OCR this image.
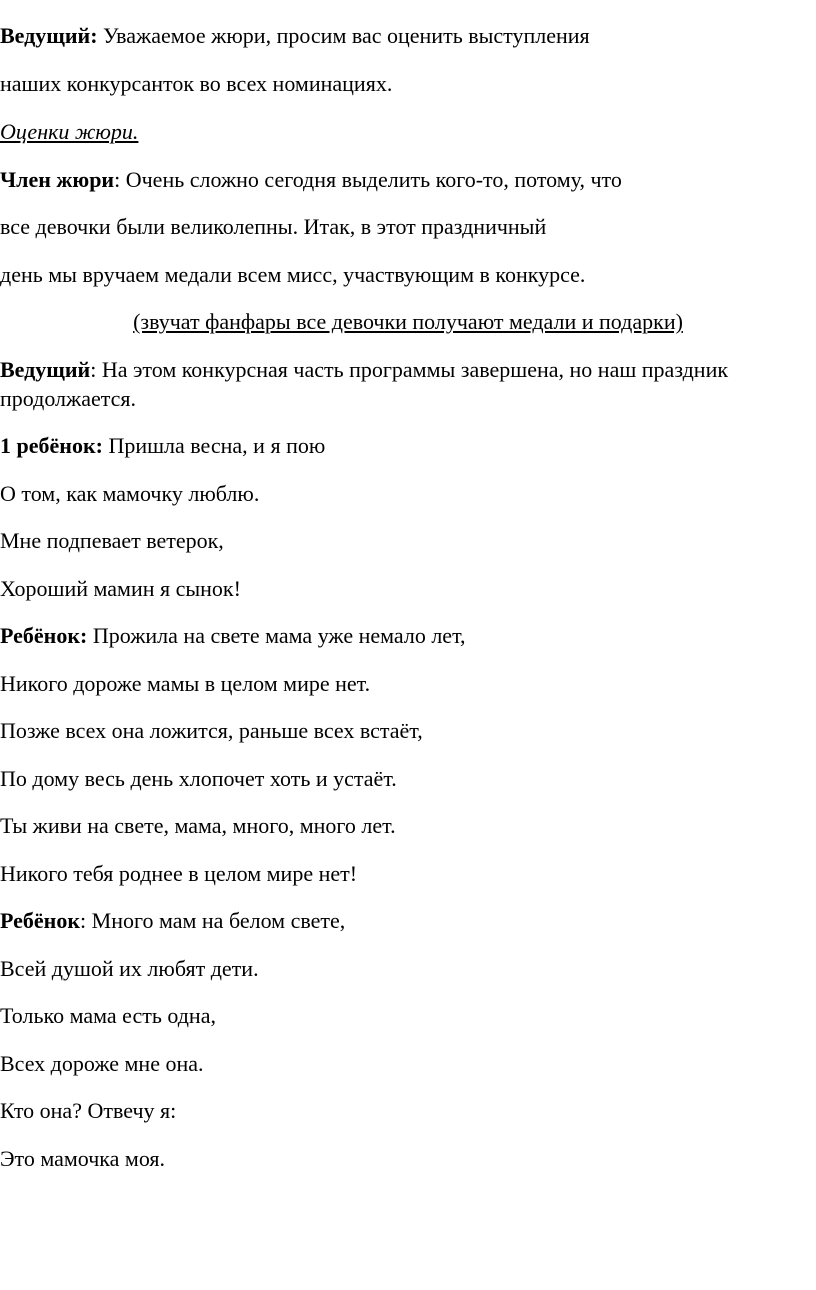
Ведущий: Уважаемое жюри, просим вас оценить выступления
наших конкурсанток во всех номинациях.
Оценки жюри.
Член жюри: Очень сложно сегодня выделить кого-то, потому, что
все девочки были великолепны. Итак, в этот праздничный
день мы вручаем медали всем мисс, участвующим в конкурсе.
(звучат фанфары все девочки получают медали и подарки)
Ведущий: На этом конкурсная часть программы завершена, но наш праздник
продолжается.
1 ребёнок: Пришла весна, и я пою
О том, как мамочку люблю.
Мне подпевает ветерок,
Хороший мамин я сынок!
Ребёнок: Прожила на свете мама уже немало лет,
Никого дороже мамы в целом мире нет.
Позже всех она ложится, раньше всех встаёт,
По дому весь день хлопочет хоть и устаёт.
Ты живи на свете, мама, много, много лет.
Никого тебя роднее в целом мире нет!
Ребёнок: Много мам на белом свете,
Всей душой их любят дети.
Только мама есть одна,
Всех дороже мне она.
Кто она? Отвечу я:
Это мамочка моя.
